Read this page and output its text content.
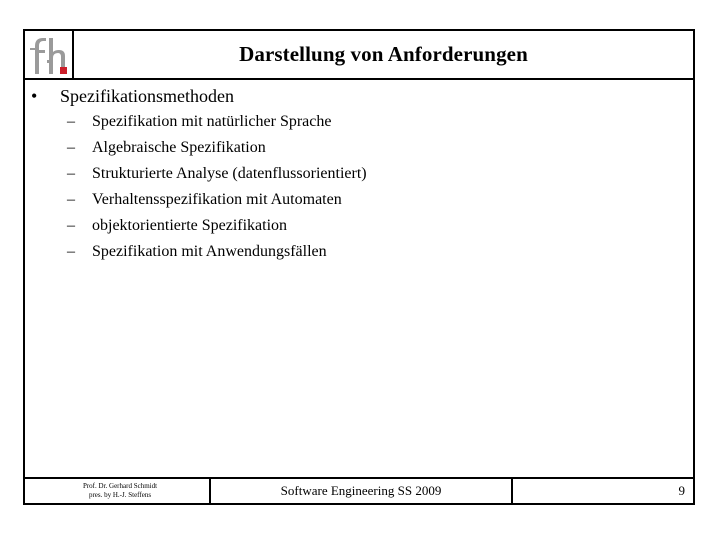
Darstellung von Anforderungen
• Spezifikationsmethoden
– Spezifikation mit natürlicher Sprache
– Algebraische Spezifikation
– Strukturierte Analyse (datenflussorientiert)
– Verhaltensspezifikation mit Automaten
– objektorientierte Spezifikation
– Spezifikation mit Anwendungsfällen
Prof. Dr. Gerhard Schmidt
pres. by H.-J. Steffens	Software Engineering SS 2009	9
